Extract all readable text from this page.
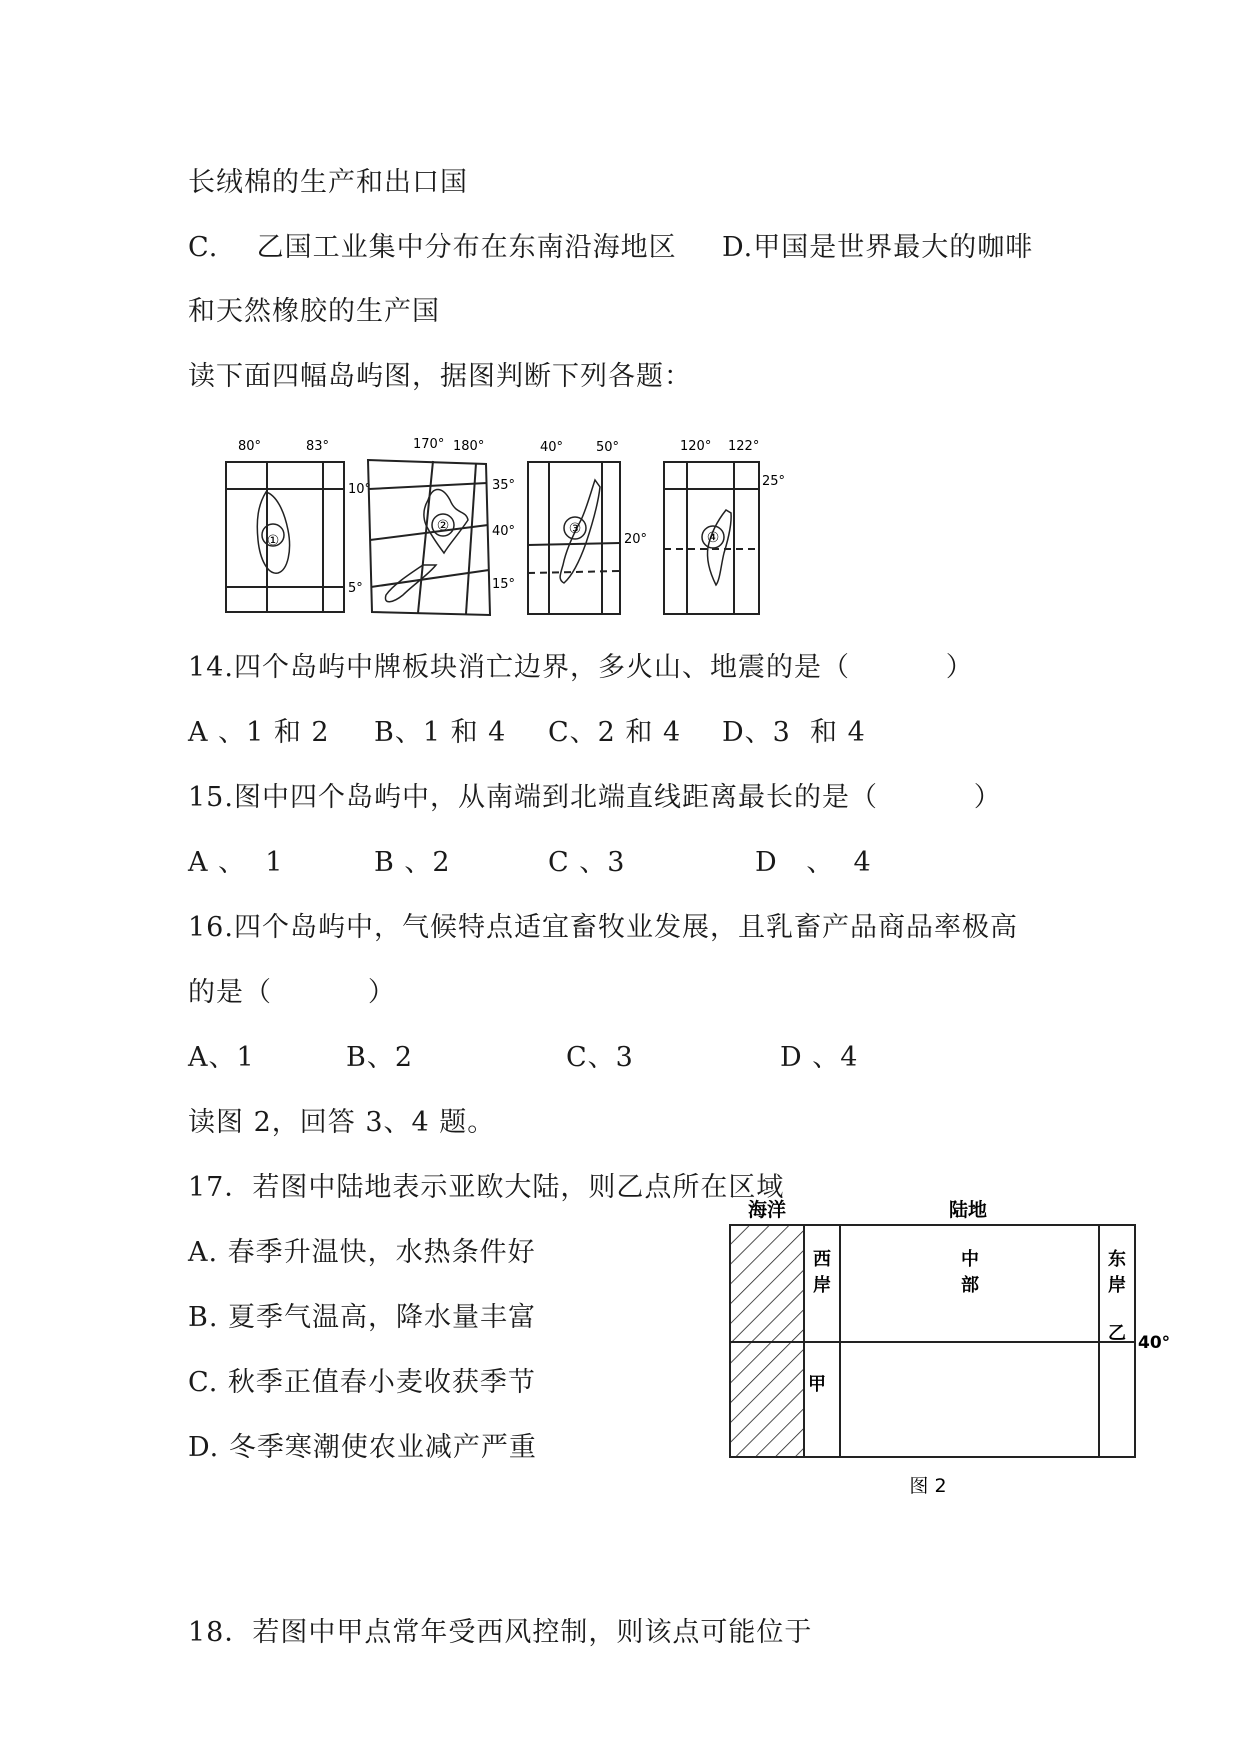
长绒棉的生产和出口国
C.    乙国工业集中分布在东南沿海地区 D.甲国是世界最大的咖啡
和天然橡胶的生产国
读下面四幅岛屿图，据图判断下列各题：
①
80°	83°
10°
5°
②
170° 180°
35°
40°
15°
③
40°	50°
20°	④
120° 122°
25°
14.四个岛屿中牌板块消亡边界，多火山、地震的是（          ）
A 、1 和 2 B、1 和 4 C、2 和 4 D、3  和 4
15.图中四个岛屿中，从南端到北端直线距离最长的是（          ）
A 、  1	B 、2	C 、3	D   、  4
16.四个岛屿中，气候特点适宜畜牧业发展，且乳畜产品商品率极高
的是（          ）
A、1	B、2	C、3	D 、4
读图 2，回答 3、4 题。
17．若图中陆地表示亚欧大陆，则乙点所在区域
A. 春季升温快，水热条件好
B. 夏季气温高，降水量丰富
C. 秋季正值春小麦收获季节
D. 冬季寒潮使农业减产严重
海洋	陆地
西
岸
中
部
东
岸
甲
乙 40°
图 2
18．若图中甲点常年受西风控制，则该点可能位于
